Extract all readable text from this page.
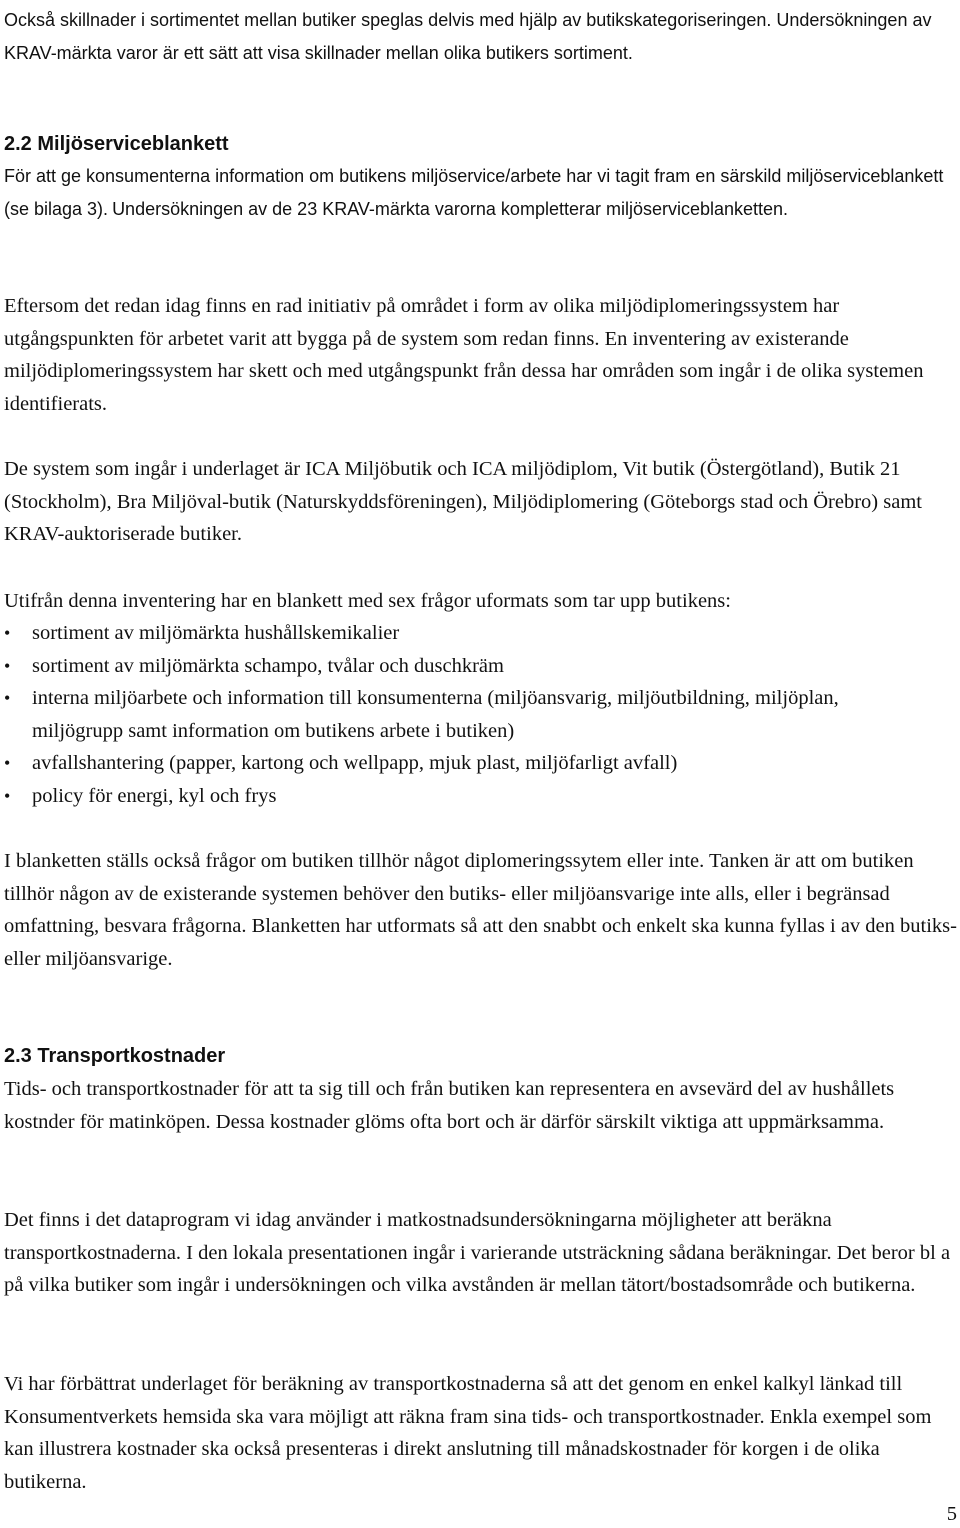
Också skillnader i sortimentet mellan butiker speglas delvis med hjälp av butikskategoriseringen. Undersökningen av KRAV-märkta varor är ett sätt att visa skillnader mellan olika butikers sortiment.

2.2 Miljöserviceblankett

För att ge konsumenterna information om butikens miljöservice/arbete har vi tagit fram en särskild miljöserviceblankett (se bilaga 3). Undersökningen av de 23 KRAV-märkta varorna kompletterar miljöserviceblanketten.

Eftersom det redan idag finns en rad initiativ på området i form av olika miljödiplomeringssystem har utgångspunkten för arbetet varit att bygga på de system som redan finns. En inventering av existerande miljödiplomeringssystem har skett och med utgångspunkt från dessa har områden som ingår i de olika systemen identifierats.

De system som ingår i underlaget är ICA Miljöbutik och ICA miljödiplom, Vit butik (Östergötland), Butik 21 (Stockholm), Bra Miljöval-butik (Naturskyddsföreningen), Miljödiplomering (Göteborgs stad och Örebro) samt KRAV-auktoriserade butiker.

Utifrån denna inventering har en blankett med sex frågor uformats som tar upp butikens:

•	sortiment av miljömärkta hushållskemikalier
•	sortiment av miljömärkta schampo, tvålar och duschkräm
•	interna miljöarbete och information till konsumenterna (miljöansvarig, miljöutbildning, miljöplan, miljögrupp samt information om butikens arbete i butiken)
•	avfallshantering (papper, kartong och wellpapp, mjuk plast, miljöfarligt avfall)
•	policy för energi, kyl och frys

I blanketten ställs också frågor om butiken tillhör något diplomeringssytem eller inte. Tanken är att om butiken tillhör någon av de existerande systemen behöver den butiks- eller miljöansvarige inte alls, eller i begränsad omfattning, besvara frågorna. Blanketten har utformats så att den snabbt och enkelt ska kunna fyllas i av den butiks- eller miljöansvarige.

2.3 Transportkostnader

Tids- och transportkostnader för att ta sig till och från butiken kan representera en avsevärd del av hushållets kostnder för matinköpen. Dessa kostnader glöms ofta bort och är därför särskilt viktiga att uppmärksamma.

Det finns i det dataprogram vi idag använder i matkostnadsundersökningarna möjligheter att beräkna transportkostnaderna. I den lokala presentationen ingår i varierande utsträckning sådana beräkningar. Det beror bl a på vilka butiker som ingår i undersökningen och vilka avstånden är mellan tätort/bostadsområde och butikerna.

Vi har förbättrat underlaget för beräkning av transportkostnaderna så att det genom en enkel kalkyl länkad till Konsumentverkets hemsida ska vara möjligt att räkna fram sina tids- och transportkostnader. Enkla exempel som kan illustrera kostnader ska också presenteras i direkt anslutning till månadskostnader för korgen i de olika butikerna.

5
